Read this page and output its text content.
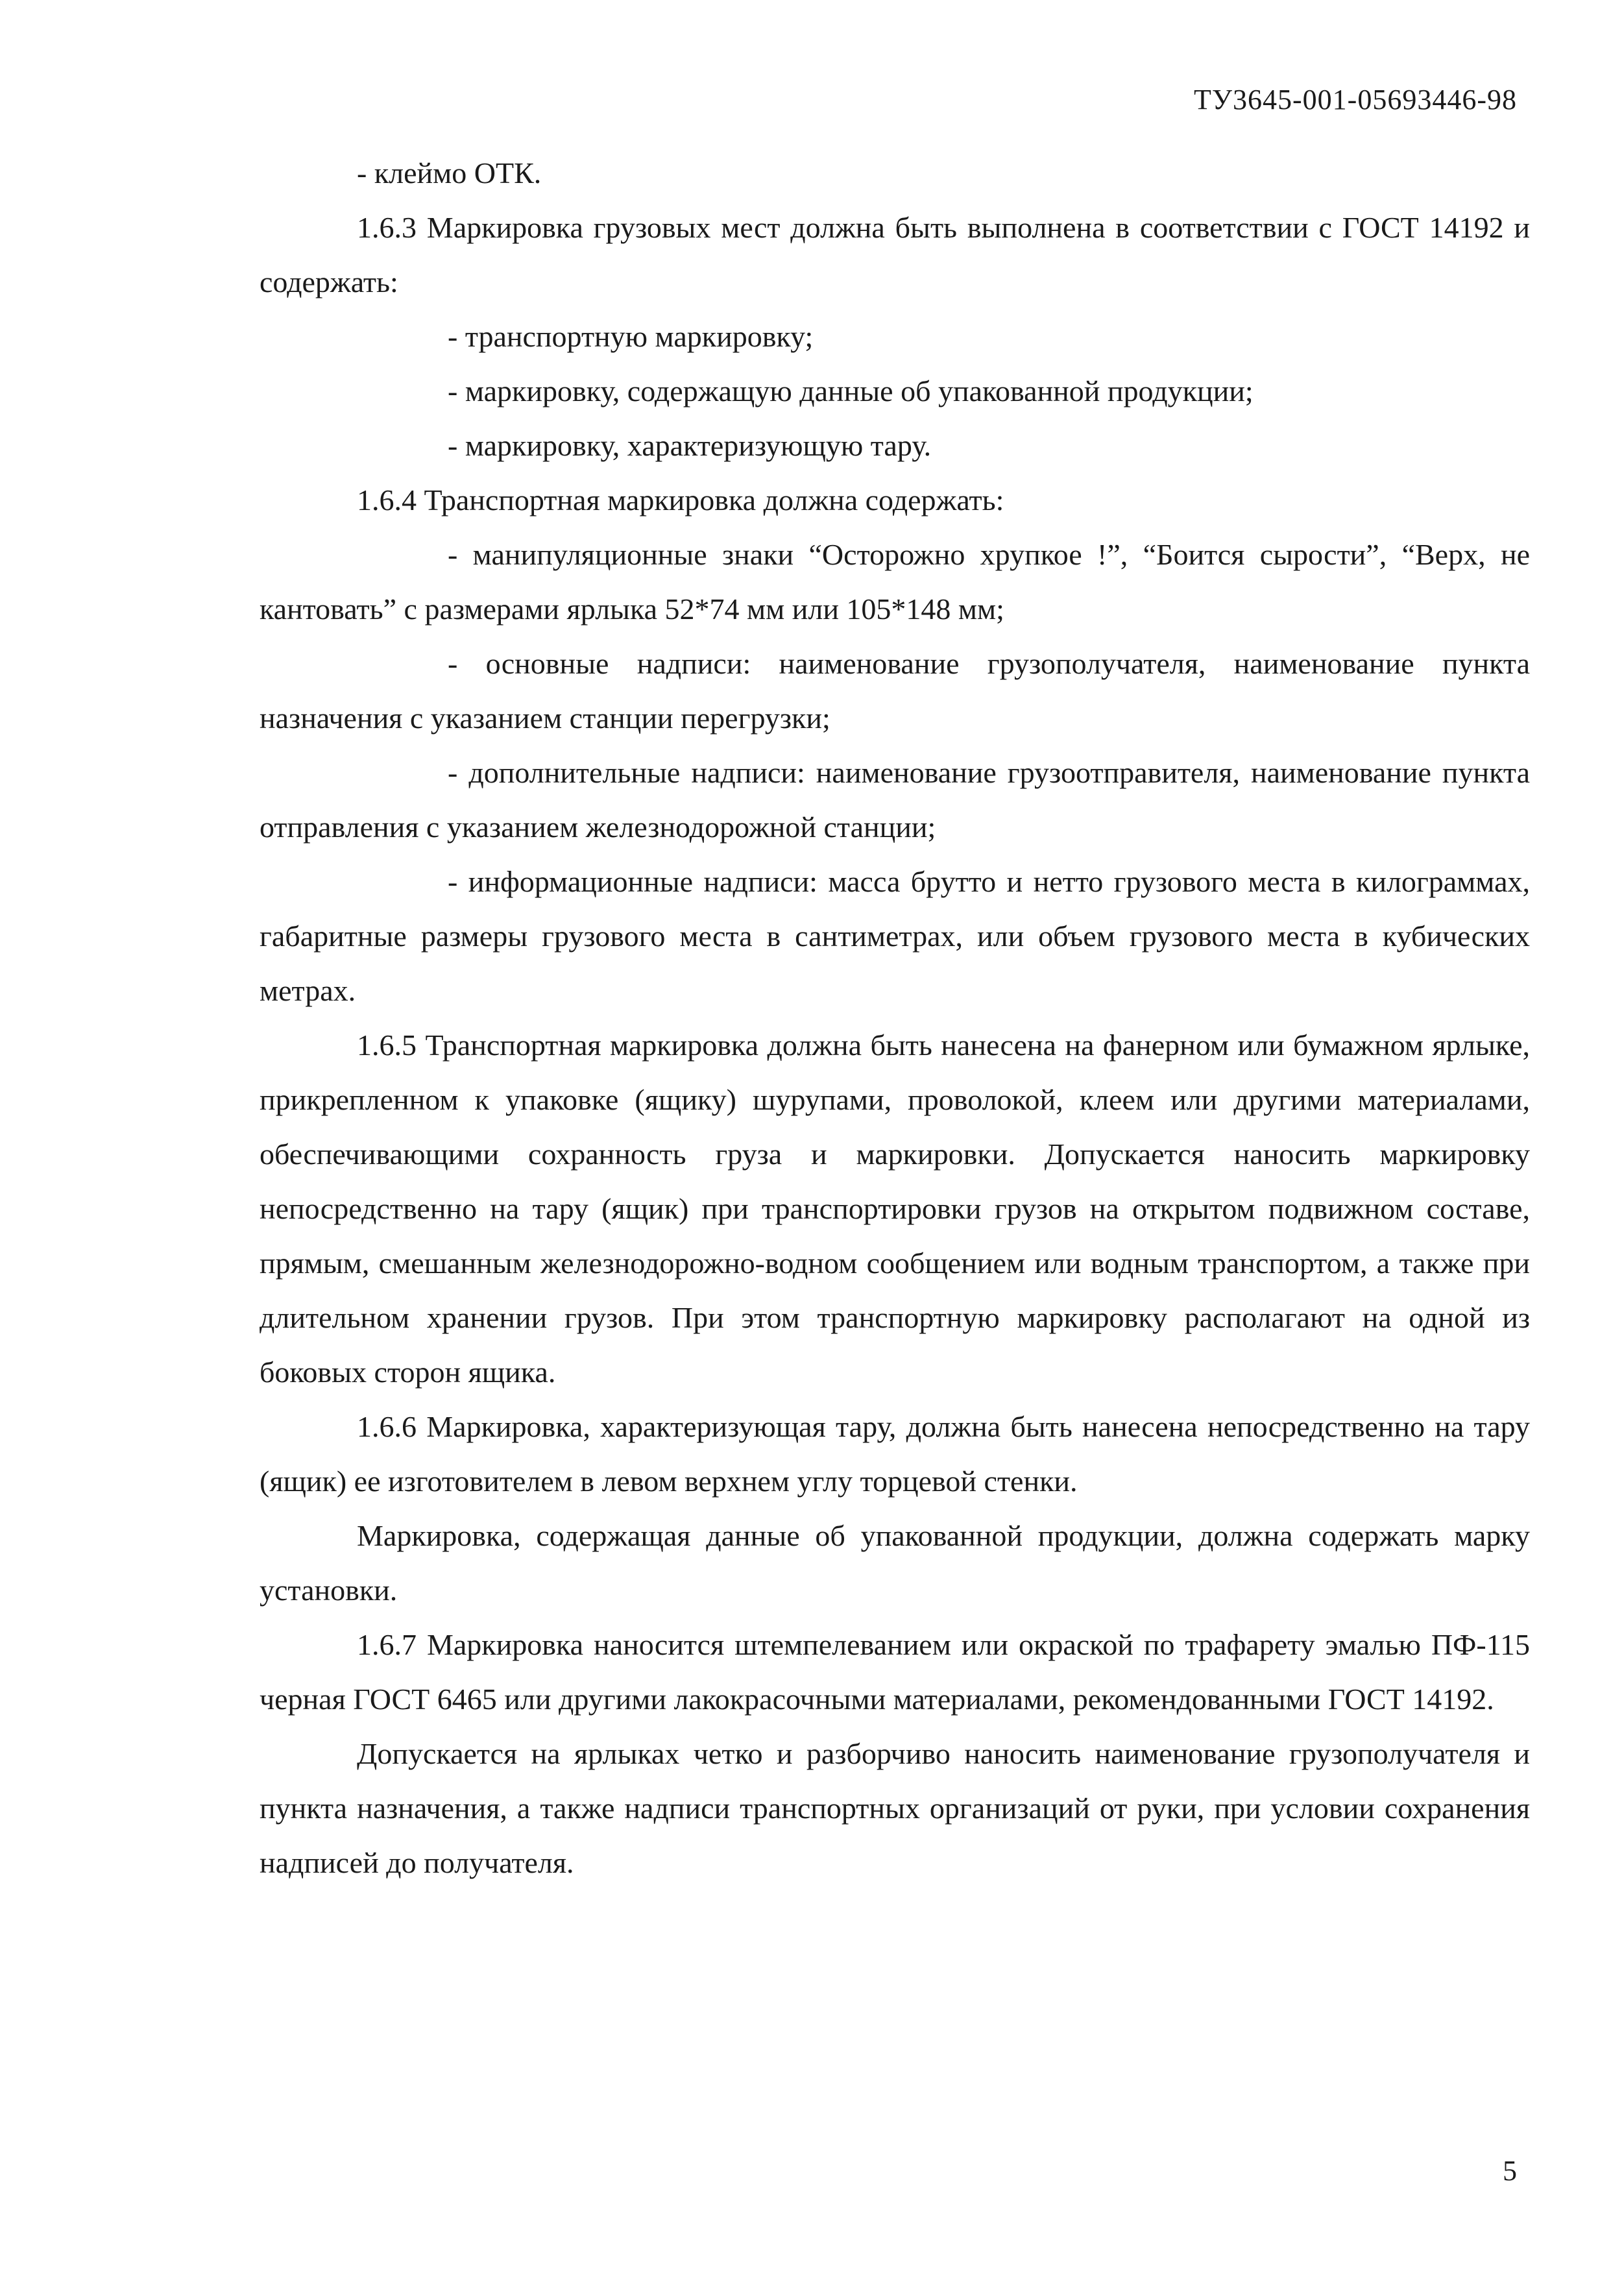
ТУ3645-001-05693446-98

- клеймо ОТК.

1.6.3 Маркировка грузовых мест должна быть выполнена в соответствии с ГОСТ 14192 и содержать:

- транспортную маркировку;

- маркировку, содержащую данные об упакованной продукции;

- маркировку, характеризующую тару.

1.6.4 Транспортная маркировка должна содержать:

- манипуляционные знаки “Осторожно хрупкое !”, “Боится сырости”, “Верх, не кантовать” с размерами ярлыка 52*74 мм или 105*148 мм;

- основные надписи: наименование грузополучателя, наименование пункта назначения с указанием станции перегрузки;

- дополнительные надписи: наименование грузоотправителя, наименование пункта отправления с указанием железнодорожной станции;

- информационные надписи: масса брутто и нетто грузового места в килограммах, габаритные размеры грузового места в сантиметрах, или объем грузового места в кубических метрах.

1.6.5 Транспортная маркировка должна быть нанесена на фанерном или бумажном ярлыке, прикрепленном к упаковке (ящику) шурупами, проволокой, клеем или другими материалами, обеспечивающими сохранность груза и маркировки. Допускается наносить маркировку непосредственно на тару (ящик) при транспортировки грузов на открытом подвижном составе, прямым, смешанным железнодорожно-водном сообщением или водным транспортом, а также при длительном хранении грузов. При этом транспортную маркировку располагают на одной из боковых сторон ящика.

1.6.6 Маркировка, характеризующая тару, должна быть нанесена непосредственно на тару (ящик) ее изготовителем в левом верхнем углу торцевой стенки.

Маркировка, содержащая данные об упакованной продукции, должна содержать марку установки.

1.6.7 Маркировка наносится штемпелеванием или окраской по трафарету эмалью ПФ-115 черная ГОСТ 6465 или другими лакокрасочными материалами, рекомендованными ГОСТ 14192.

Допускается на ярлыках четко и разборчиво наносить наименование грузополучателя и пункта назначения, а также надписи транспортных организаций от руки, при условии сохранения надписей до получателя.

5
